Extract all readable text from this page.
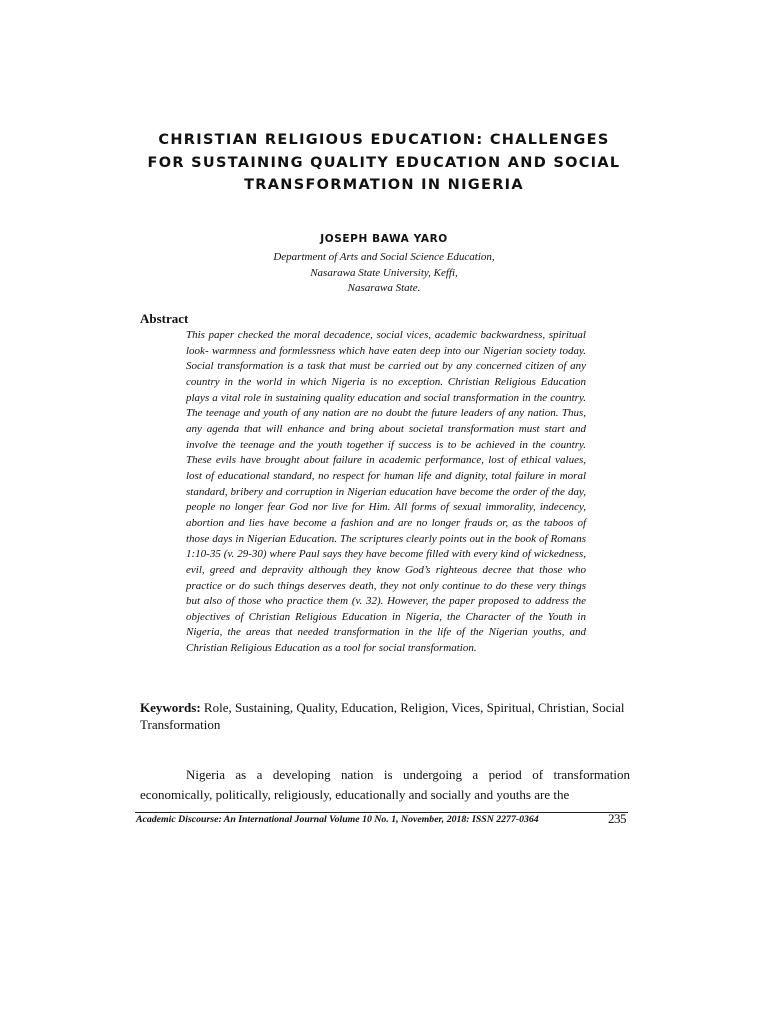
CHRISTIAN RELIGIOUS EDUCATION: CHALLENGES
FOR SUSTAINING QUALITY EDUCATION AND SOCIAL
TRANSFORMATION IN NIGERIA
JOSEPH BAWA YARO
Department of Arts and Social Science Education,
Nasarawa State University, Keffi,
Nasarawa State.
Abstract

This paper checked the moral decadence, social vices, academic backwardness, spiritual look- warmness and formlessness which have eaten deep into our Nigerian society today. Social transformation is a task that must be carried out by any concerned citizen of any country in the world in which Nigeria is no exception. Christian Religious Education plays a vital role in sustaining quality education and social transformation in the country. The teenage and youth of any nation are no doubt the future leaders of any nation. Thus, any agenda that will enhance and bring about societal transformation must start and involve the teenage and the youth together if success is to be achieved in the country. These evils have brought about failure in academic performance, lost of ethical values, lost of educational standard, no respect for human life and dignity, total failure in moral standard, bribery and corruption in Nigerian education have become the order of the day, people no longer fear God nor live for Him. All forms of sexual immorality, indecency, abortion and lies have become a fashion and are no longer frauds or, as the taboos of those days in Nigerian Education. The scriptures clearly points out in the book of Romans 1:10-35 (v. 29-30) where Paul says they have become filled with every kind of wickedness, evil, greed and depravity although they know God’s righteous decree that those who practice or do such things deserves death, they not only continue to do these very things but also of those who practice them (v. 32). However, the paper proposed to address the objectives of Christian Religious Education in Nigeria, the Character of the Youth in Nigeria, the areas that needed transformation in the life of the Nigerian youths, and Christian Religious Education as a tool for social transformation.

Keywords: Role, Sustaining, Quality, Education, Religion, Vices, Spiritual, Christian, Social Transformation

Nigeria as a developing nation is undergoing a period of transformation economically, politically, religiously, educationally and socially and youths are the

Academic Discourse: An International Journal Volume 10 No. 1, November, 2018: ISSN 2277-0364	235
